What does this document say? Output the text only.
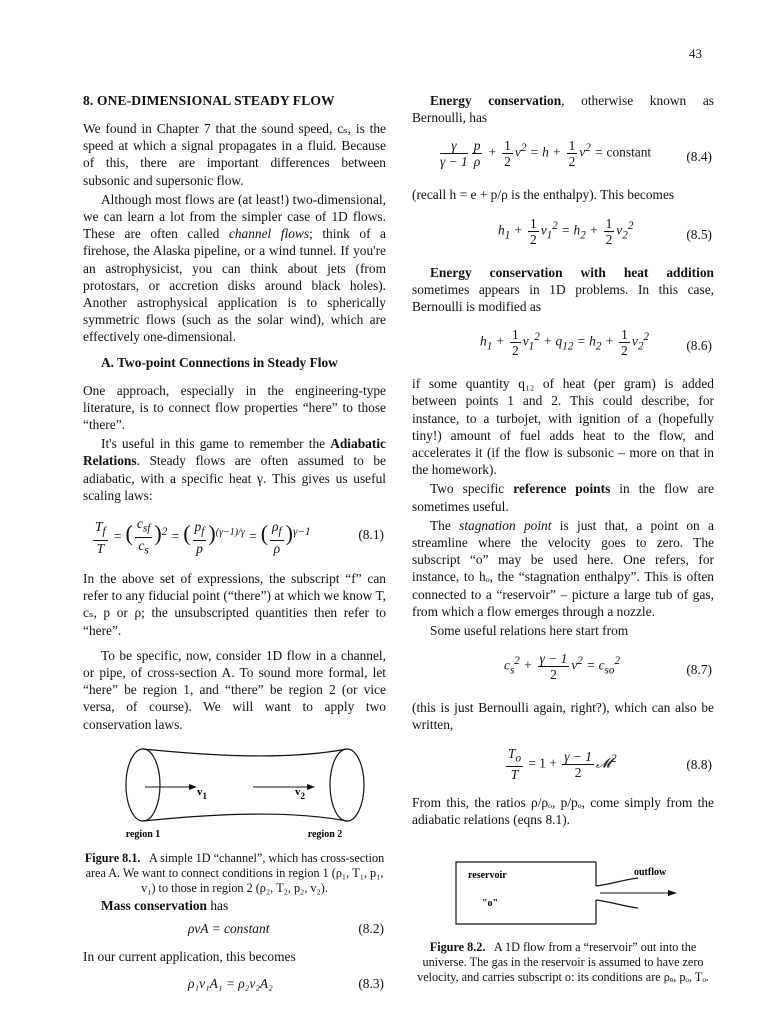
43
8. ONE-DIMENSIONAL STEADY FLOW

We found in Chapter 7 that the sound speed, cₛ, is the speed at which a signal propagates in a fluid. Because of this, there are important differences between subsonic and supersonic flow.

Although most flows are (at least!) two-dimensional, we can learn a lot from the simpler case of 1D flows. These are often called channel flows; think of a firehose, the Alaska pipeline, or a wind tunnel. If you're an astrophysicist, you can think about jets (from protostars, or accretion disks around black holes). Another astrophysical application is to spherically symmetric flows (such as the solar wind), which are effectively one-dimensional.

A. Two-point Connections in Steady Flow

One approach, especially in the engineering-type literature, is to connect flow properties “here” to those “there”.

It's useful in this game to remember the Adiabatic Relations. Steady flows are often assumed to be adiabatic, with a specific heat γ. This gives us useful scaling laws:

$\frac{T_f}{T}$ = ( $\frac{c_{sf}}{c_s} )^2$ = ( $\frac{p_f}{p} )^{(\gamma-1)/\gamma}$ = ( $\frac{\rho_f}{\rho} )^{\gamma-1}$	(8.1)

In the above set of expressions, the subscript “f” can refer to any fiducial point (“there”) at which we know T, cₛ, p or ρ; the unsubscripted quantities then refer to “here”.

To be specific, now, consider 1D flow in a channel, or pipe, of cross-section A. To sound more formal, let “here” be region 1, and “there” be region 2 (or vice versa, of course). We will want to apply two conservation laws.

$v_1$	$v_2$
region 1	region 2
Figure 8.1. A simple 1D “channel”, which has cross-section area A. We want to connect conditions in region 1 (ρ₁, T₁, p₁, v₁) to those in region 2 (ρ₂, T₂, p₂, v₂).

Mass conservation has

ρvA = constant	(8.2)

In our current application, this becomes

ρ₁v₁A₁ = ρ₂v₂A₂	(8.3)

Energy conservation, otherwise known as Bernoulli, has

$\frac{\gamma}{\gamma - 1} \frac{p}{\rho} + \frac{1}{2} v^2 = h + \frac{1}{2} v^2$ = constant	(8.4)

(recall h = e + p/ρ is the enthalpy). This becomes

$h_1 + \frac{1}{2} v_1^2 = h_2 + \frac{1}{2} v_2^2$
(8.5)

Energy conservation with heat addition sometimes appears in 1D problems. In this case, Bernoulli is modified as

$h_1 + \frac{1}{2} v_1^2 + q_{12} = h_2 + \frac{1}{2} v_2^2$
(8.6)

if some quantity q₁₂ of heat (per gram) is added between points 1 and 2. This could describe, for instance, to a turbojet, with ignition of a (hopefully tiny!) amount of fuel adds heat to the flow, and accelerates it (if the flow is subsonic – more on that in the homework).

Two specific reference points in the flow are sometimes useful.

The stagnation point is just that, a point on a streamline where the velocity goes to zero. The subscript “o” may be used here. One refers, for instance, to hₒ, the “stagnation enthalpy”. This is often connected to a “reservoir” – picture a large tub of gas, from which a flow emerges through a nozzle.

Some useful relations here start from

$c_s^2 + \frac{\gamma - 1}{2} v^2 = c_{so}^2$
(8.7)

(this is just Bernoulli again, right?), which can also be written,

$\frac{T_o}{T} = 1 + \frac{\gamma - 1}{2}$ 𝓜$^2$	(8.8)

From this, the ratios ρ/ρₒ, p/pₒ, come simply from the adiabatic relations (eqns 8.1).

reservoir
"o"
outflow
Figure 8.2. A 1D flow from a “reservoir” out into the universe. The gas in the reservoir is assumed to have zero velocity, and carries subscript o: its conditions are ρₒ, pₒ, Tₒ.
